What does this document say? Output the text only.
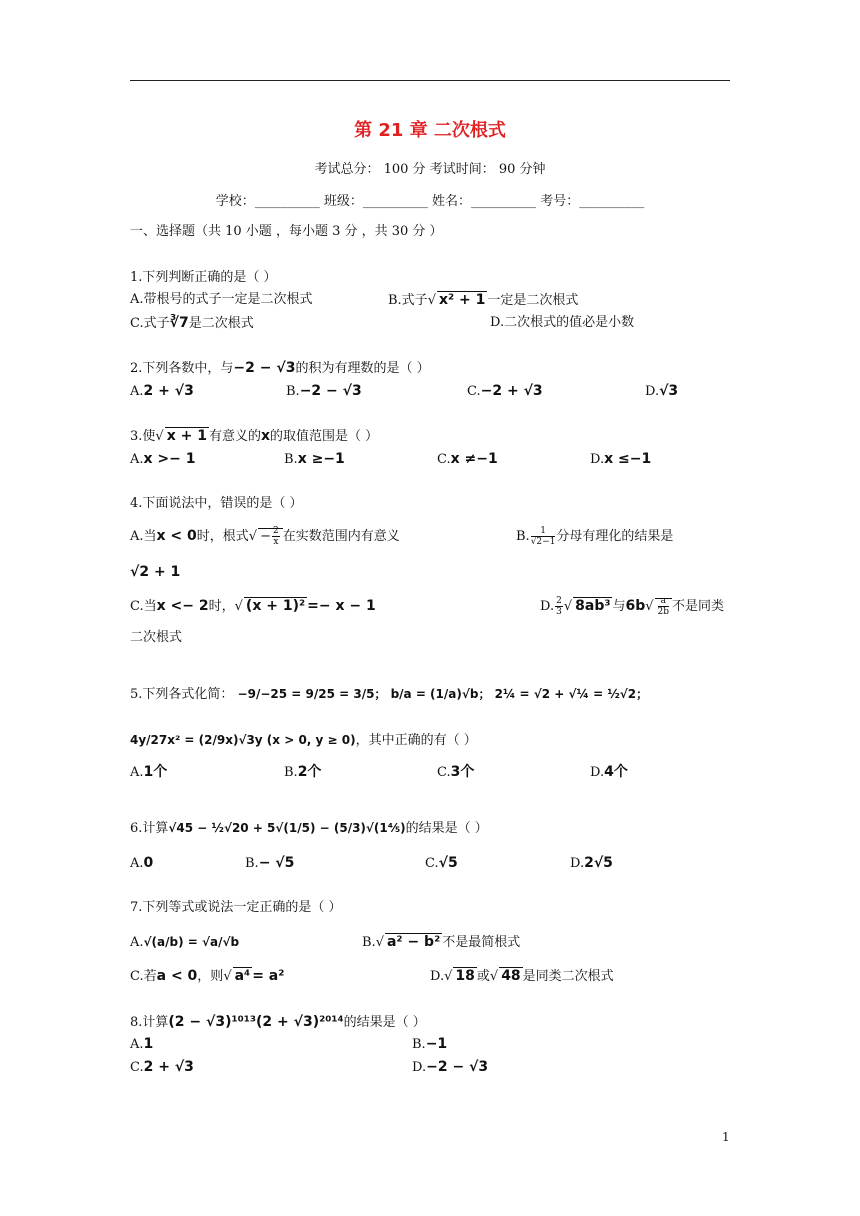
第 21 章 二次根式
考试总分： 100 分 考试时间： 90 分钟
学校：__________ 班级：__________ 姓名：__________ 考号：__________
一、选择题（共 10 小题 ，每小题 3 分 ，共 30 分 ）
1.下列判断正确的是（ ）
A.带根号的式子一定是二次根式	B.式子√ x² + 1 一定是二次根式
C.式子∛7是二次根式	D.二次根式的值必是小数
2.下列各数中，与−2 − √3的积为有理数的是（ ）
A.2 + √3	B.−2 − √3	C.−2 + √3	D.√3
3.使√ x + 1 有意义的x的取值范围是（ ）
A.x >− 1	B.x ≥−1	C.x ≠−1	D.x ≤−1
4.下面说法中，错误的是（ ）
A.当x < 0时，根式√ − $\frac{2}{x}$ 在实数范围内有意义	B. $\frac{1}{√2-1}$ 分母有理化的结果是
√2 + 1
C.当x <− 2时，√ (x + 1)² =− x − 1	D. $\frac{2}{3}$ √ 8ab³ 与$6b√ \frac{a}{2b}$ 不是同类
二次根式
5.下列各式化简： −9/−25 = 9/25 = 3/5； b/a = (1/a)√b； 2¼ = √2 + √¼ = ½√2；
4y/27x² = (2/9x)√3y (x > 0, y ≥ 0)，其中正确的有（ ）
A.1个	B.2个	C.3个	D.4个
6.计算√45 − ½√20 + 5√(1/5) − (5/3)√(1⅘)的结果是（ ）
A.0	B.− √5	C.√5	D.2√5
7.下列等式或说法一定正确的是（ ）
A.√(a/b) = √a/√b	B.√ a² − b² 不是最简根式
C.若a < 0，则√ a⁴ = a²	D.√ 18 或√ 48 是同类二次根式
8.计算(2 − √3)¹⁰¹³(2 + √3)²⁰¹⁴的结果是（ ）
A.1	B.−1
C.2 + √3	D.−2 − √3
1
